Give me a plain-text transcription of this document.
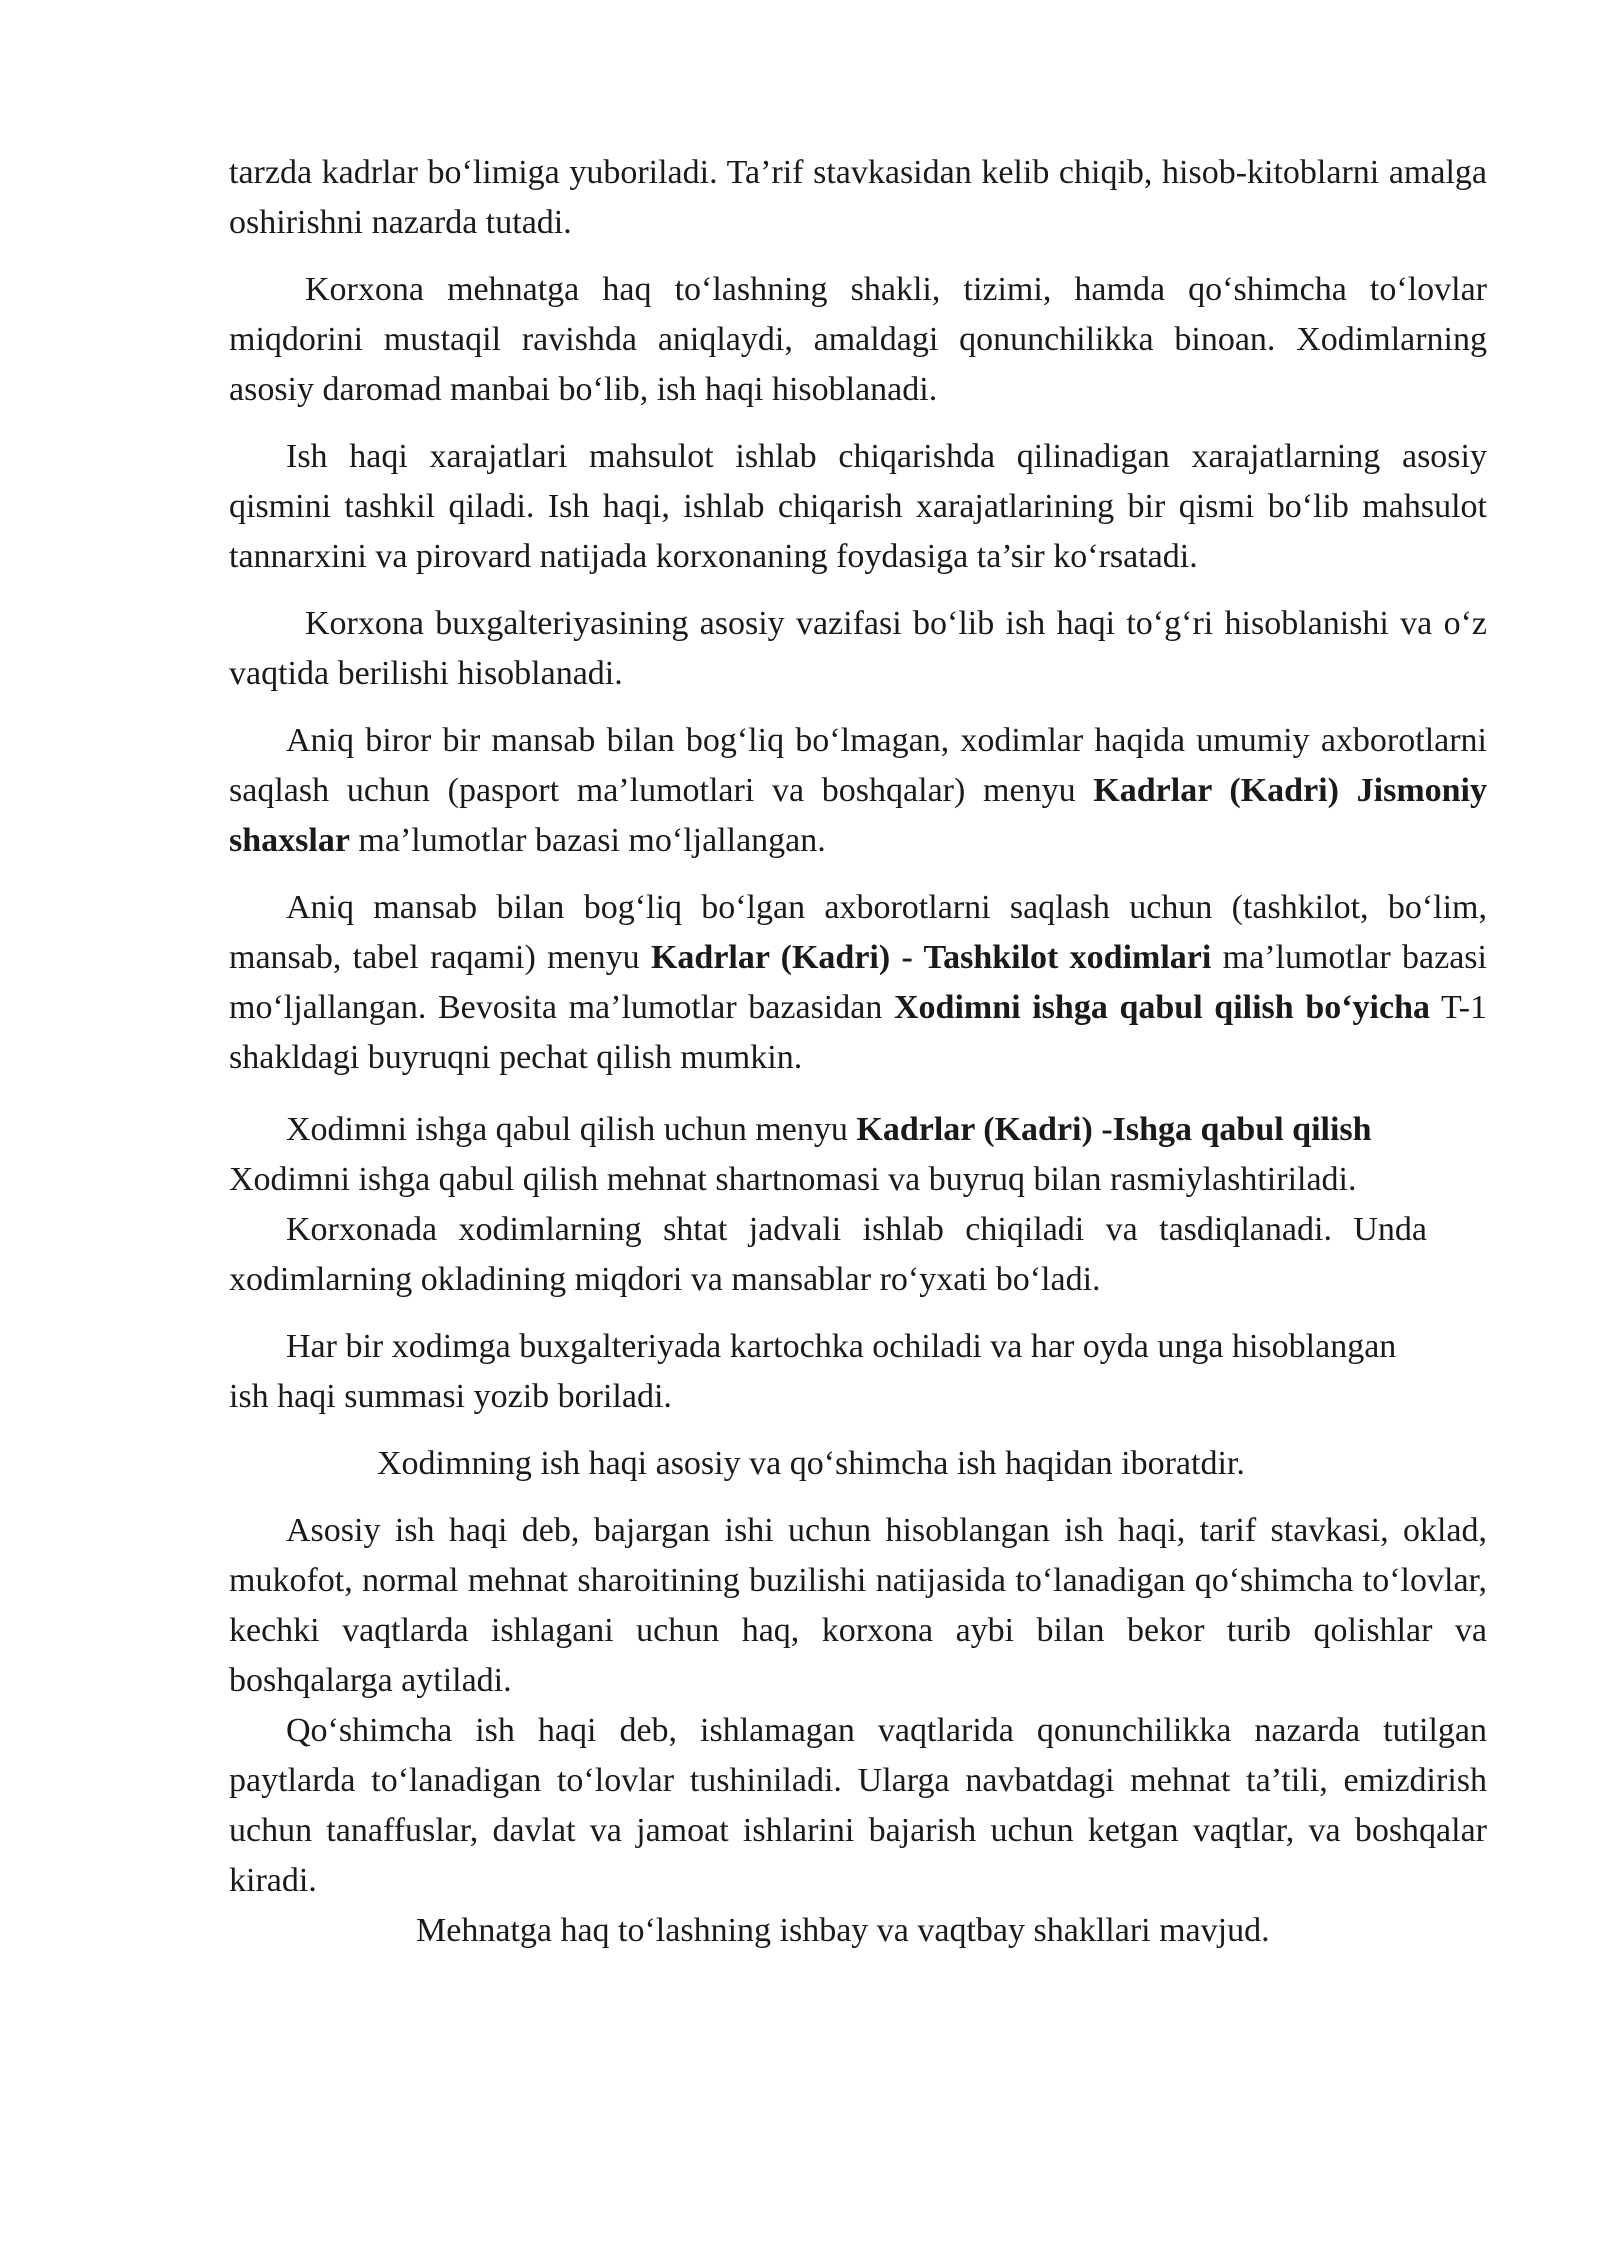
tarzda kadrlar bo‘limiga yuboriladi. Ta’rif stavkasidan kelib chiqib, hisob-kitoblarni amalga oshirishni nazarda tutadi.

Korxona mehnatga haq to‘lashning shakli, tizimi, hamda qo‘shimcha to‘lovlar miqdorini mustaqil ravishda aniqlaydi, amaldagi qonunchilikka binoan. Xodimlarning asosiy daromad manbai bo‘lib, ish haqi hisoblanadi.

Ish haqi xarajatlari mahsulot ishlab chiqarishda qilinadigan xarajatlarning asosiy qismini tashkil qiladi. Ish haqi, ishlab chiqarish xarajatlarining bir qismi bo‘lib mahsulot tannarxini va pirovard natijada korxonaning foydasiga ta’sir ko‘rsatadi.

Korxona buxgalteriyasining asosiy vazifasi bo‘lib ish haqi to‘g‘ri hisoblanishi va o‘z vaqtida berilishi hisoblanadi.

Aniq biror bir mansab bilan bog‘liq bo‘lmagan, xodimlar haqida umumiy axborotlarni saqlash uchun (pasport ma’lumotlari va boshqalar) menyu Kadrlar (Kadri) Jismoniy shaxslar ma’lumotlar bazasi mo‘ljallangan.

Aniq mansab bilan bog‘liq bo‘lgan axborotlarni saqlash uchun (tashkilot, bo‘lim, mansab, tabel raqami) menyu Kadrlar (Kadri) - Tashkilot xodimlari ma’lumotlar bazasi mo‘ljallangan. Bevosita ma’lumotlar bazasidan Xodimni ishga qabul qilish bo‘yicha T-1 shakldagi buyruqni pechat qilish mumkin.

Xodimni ishga qabul qilish uchun menyu Kadrlar (Kadri) -Ishga qabul qilish Xodimni ishga qabul qilish mehnat shartnomasi va buyruq bilan rasmiylashtiriladi.

Korxonada xodimlarning shtat jadvali ishlab chiqiladi va tasdiqlanadi. Unda xodimlarning okladining miqdori va mansablar ro‘yxati bo‘ladi.

Har bir xodimga buxgalteriyada kartochka ochiladi va har oyda unga hisoblangan ish haqi summasi yozib boriladi.

Xodimning ish haqi asosiy va qo‘shimcha ish haqidan iboratdir.

Asosiy ish haqi deb, bajargan ishi uchun hisoblangan ish haqi, tarif stavkasi, oklad, mukofot, normal mehnat sharoitining buzilishi natijasida to‘lanadigan qo‘shimcha to‘lovlar, kechki vaqtlarda ishlagani uchun haq, korxona aybi bilan bekor turib qolishlar va boshqalarga aytiladi.

Qo‘shimcha ish haqi deb, ishlamagan vaqtlarida qonunchilikka nazarda tutilgan paytlarda to‘lanadigan to‘lovlar tushiniladi. Ularga navbatdagi mehnat ta’tili, emizdirish uchun tanaffuslar, davlat va jamoat ishlarini bajarish uchun ketgan vaqtlar, va boshqalar kiradi.

Mehnatga haq to‘lashning ishbay va vaqtbay shakllari mavjud.
